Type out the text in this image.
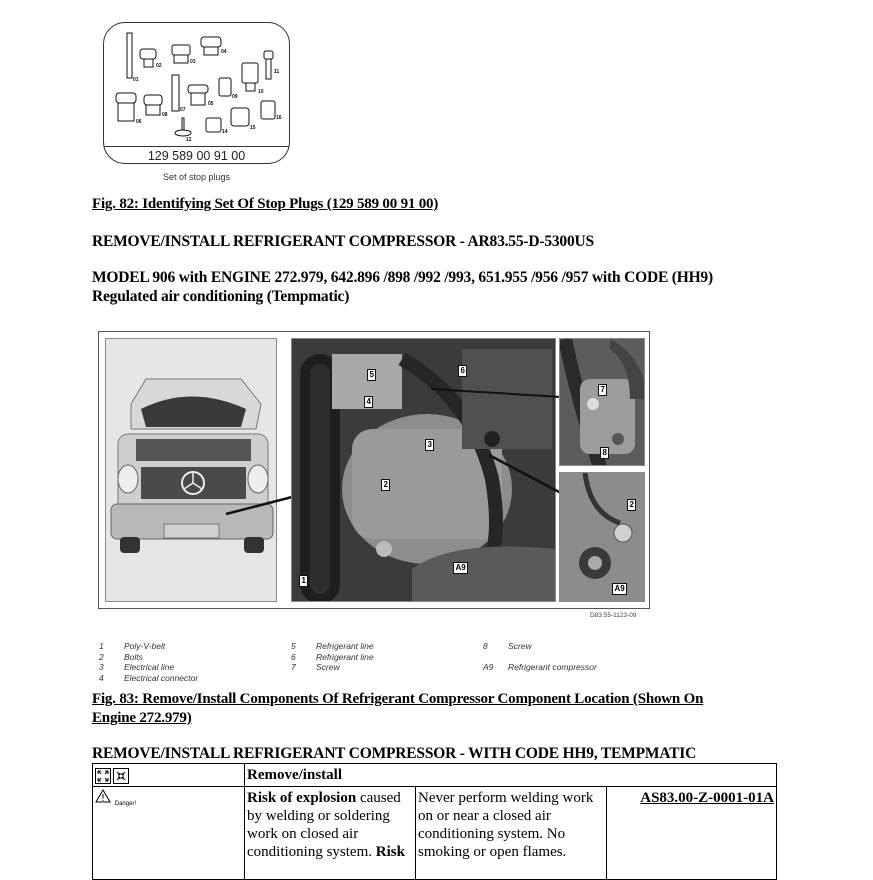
01
02
03
04
05
06
07
08
09
10
11
12
14
15
16
129 589 00 91 00
Set of stop plugs
Fig. 82: Identifying Set Of Stop Plugs (129 589 00 91 00)
REMOVE/INSTALL REFRIGERANT COMPRESSOR - AR83.55-D-5300US
MODEL 906 with ENGINE 272.979, 642.896 /898 /992 /993, 651.955 /956 /957 with CODE (HH9)
Regulated air conditioning (Tempmatic)
5	6
4
3
2
A9
1
7
8
2
A9
D83.55-1123-09
1	Poly-V-belt
2	Bolts
3	Electrical line
4	Electrical connector
5	Refrigerant line
6	Refrigerant line
7	Screw
8	Screw
A9	Refrigerant compressor
Fig. 83: Remove/Install Components Of Refrigerant Compressor Component Location (Shown On
Engine 272.979)
REMOVE/INSTALL REFRIGERANT COMPRESSOR - WITH CODE HH9, TEMPMATIC
	Remove/install		
$^{Danger!}$	Risk of explosion caused by welding or soldering work on closed air conditioning system. Risk	Never perform welding work on or near a closed air conditioning system. No smoking or open flames.	AS83.00-Z-0001-01A
